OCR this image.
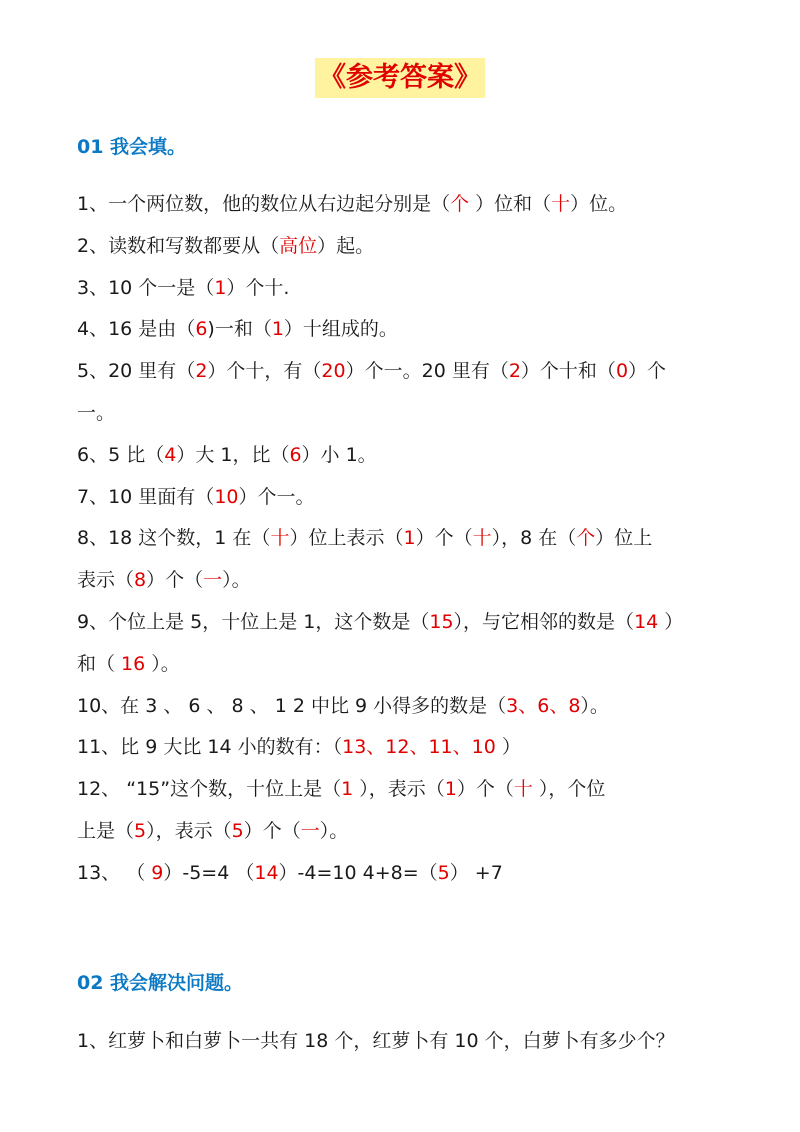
《参考答案》
01 我会填。
1、一个两位数，他的数位从右边起分别是（个 ）位和（十）位。
2、读数和写数都要从（高位）起。
3、10 个一是（1）个十.
4、16 是由（6)一和（1）十组成的。
5、20 里有（2）个十，有（20）个一。20 里有（2）个十和（0）个
一。
6、5 比（4）大 1，比（6）小 1。
7、10 里面有（10）个一。
8、18 这个数，1 在（十）位上表示（1）个（十），8 在（个）位上
表示（8）个（一）。
9、个位上是 5，十位上是 1，这个数是（15），与它相邻的数是（14 ）
和（ 16 ）。
10、在 3 、 6 、 8 、 1 2 中比 9 小得多的数是（3、6、8）。
11、比 9 大比 14 小的数有：（13、12、11、10 ）
12、 “15”这个数，十位上是（1 ），表示（1）个（十 ），个位
上是（5），表示（5）个（一）。
13、 （ 9）-5=4 （14）-4=10 4+8=（5） +7
02 我会解决问题。
1、红萝卜和白萝卜一共有 18 个，红萝卜有 10 个，白萝卜有多少个？
